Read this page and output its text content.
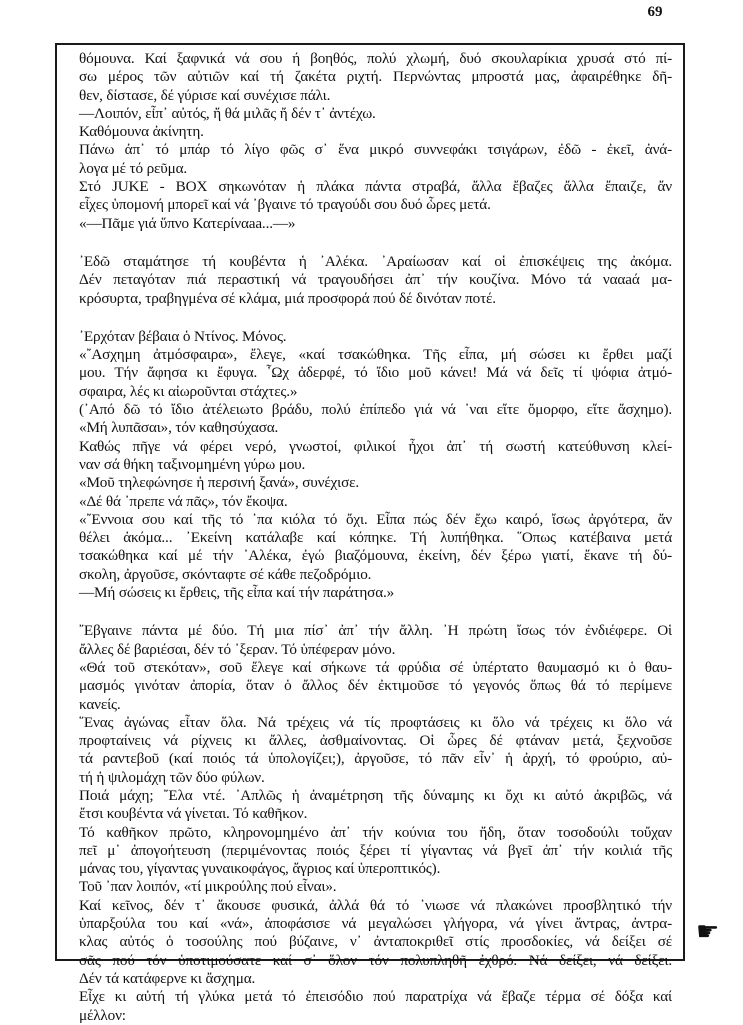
69
θόμουνα. Καί ξαφνικά νά σου ή βοηθός, πολύ χλωμή, δυό σκουλαρίκια χρυσά στό πί-
σω μέρος τῶν αὐτιῶν καί τή ζακέτα ριχτή. Περνώντας μπροστά μας, ἀφαιρέθηκε δῆ-
θεν, δίστασε, δέ γύρισε καί συνέχισε πάλι.
—Λοιπόν, εἶπ᾽ αὐτός, ἤ θά μιλᾶς ἤ δέν τ᾽ ἀντέχω.
Καθόμουνα ἀκίνητη.
Πάνω ἀπ᾽ τό μπάρ τό λίγο φῶς σ᾽ ἕνα μικρό συννεφάκι τσιγάρων, ἐδῶ - ἐκεῖ, ἀνά-
λογα μέ τό ρεῦμα.
Στό JUKE - BOX σηκωνόταν ἡ πλάκα πάντα στραβά, ἄλλα ἔβαζες ἄλλα ἔπαιζε, ἄν
εἶχες ὑπομονή μπορεῖ καί νά ᾽βγαινε τό τραγούδι σου δυό ὧρες μετά.
«—Πᾶμε γιά ὕπνο Κατερίναaa...—»
᾽Εδῶ σταμάτησε τή κουβέντα ἡ ᾽Αλέκα. ᾽Αραίωσαν καί οἱ ἐπισκέψεις της ἀκόμα.
Δέν πεταγόταν πιά περαστική νά τραγουδήσει ἀπ᾽ τήν κουζίνα. Μόνο τά νααaά μα-
κρόσυρτα, τραβηγμένα σέ κλάμα, μιά προσφορά πού δέ δινόταν ποτέ.
᾽Ερχόταν βέβαια ὁ Ντίνος. Μόνος.
«῎Ασχημη ἀτμόσφαιρα», ἔλεγε, «καί τσακώθηκα. Τῆς εἶπα, μή σώσει κι ἔρθει μαζί
μου. Τήν ἄφησα κι ἔφυγα. ῏Ωχ ἀδερφέ, τό ἴδιο μοῦ κάνει! Μά νά δεῖς τί ψόφια ἀτμό-
σφαιρα, λές κι αἰωροῦνται στάχτες.»
(᾽Από δῶ τό ἴδιο ἀτέλειωτο βράδυ, πολύ ἐπίπεδο γιά νά ᾽ναι εἴτε ὄμορφο, εἴτε ἄσχημο).
«Μή λυπᾶσαι», τόν καθησύχασα.
Καθώς πῆγε νά φέρει νερό, γνωστοί, φιλικοί ἦχοι ἀπ᾽ τή σωστή κατεύθυνση κλεί-
ναν σά θήκη ταξινομημένη γύρω μου.
«Μοῦ τηλεφώνησε ἡ περσινή ξανά», συνέχισε.
«Δέ θά ᾽πρεπε νά πᾶς», τόν ἔκοψα.
«῎Εννοια σου καί τῆς τό ᾽πα κιόλα τό ὄχι. Εἶπα πώς δέν ἔχω καιρό, ἴσως ἀργότερα, ἄν
θέλει ἀκόμα... ᾽Εκείνη κατάλαβε καί κόπηκε. Τή λυπήθηκα. ῞Οπως κατέβαινα μετά
τσακώθηκα καί μέ τήν ᾽Αλέκα, ἐγώ βιαζόμουνα, ἐκείνη, δέν ξέρω γιατί, ἔκανε τή δύ-
σκολη, ἀργοῦσε, σκόνταφτε σέ κάθε πεζοδρόμιο.
—Μή σώσεις κι ἔρθεις, τῆς εἶπα καί τήν παράτησα.»
῎Εβγαινε πάντα μέ δύο. Τή μια πίσ᾽ ἀπ᾽ τήν ἄλλη. ᾽Η πρώτη ἴσως τόν ἐνδιέφερε. Οἱ
ἄλλες δέ βαριέσαι, δέν τό ᾽ξεραν. Τό ὑπέφεραν μόνο.
«Θά τοῦ στεκόταν», σοῦ ἔλεγε καί σήκωνε τά φρύδια σέ ὑπέρτατο θαυμασμό κι ὁ θαυ-
μασμός γινόταν ἀπορία, ὅταν ὁ ἄλλος δέν ἐκτιμοῦσε τό γεγονός ὅπως θά τό περίμενε
κανείς.
῞Ενας ἀγώνας εἶταν ὅλα. Νά τρέχεις νά τίς προφτάσεις κι ὅλο νά τρέχεις κι ὅλο νά
προφταίνεις νά ρίχνεις κι ἄλλες, ἀσθμαίνοντας. Οἱ ὧρες δέ φτάναν μετά, ξεχνοῦσε
τά ραντεβοῦ (καί ποιός τά ὑπολογίζει;), ἀργοῦσε, τό πᾶν εἶν᾽ ἡ ἀρχή, τό φρούριο, αὐ-
τή ἡ ψιλομάχη τῶν δύο φύλων.
Ποιά μάχη; ῎Ελα ντέ. ᾽Απλῶς ἡ ἀναμέτρηση τῆς δύναμης κι ὄχι κι αὐτό ἀκριβῶς, νά
ἔτσι κουβέντα νά γίνεται. Τό καθῆκον.
Τό καθῆκον πρῶτο, κληρονομημένο ἀπ᾽ τήν κούνια του ἤδη, ὅταν τοσοδούλι τοὔχαν
πεῖ μ᾽ ἀπογοήτευση (περιμένοντας ποιός ξέρει τί γίγαντας νά βγεῖ ἀπ᾽ τήν κοιλιά τῆς
μάνας του, γίγαντας γυναικοφάγος, ἄγριος καί ὑπεροπτικός).
Τοῦ ᾽παν λοιπόν, «τί μικρούλης πού εἶναι».
Καί κεῖνος, δέν τ᾽ ἄκουσε φυσικά, ἀλλά θά τό ᾽νιωσε νά πλακώνει προσβλητικό τήν
ὑπαρξούλα του καί «νά», ἀποφάσισε νά μεγαλώσει γλήγορα, νά γίνει ἄντρας, ἀντρα-
κλας αὐτός ὁ τοσούλης πού βύζαινε, ν᾽ ἀνταποκριθεῖ στίς προσδοκίες, νά δείξει σέ
σᾶς πού τόν ὑποτιμούσατε καί σ᾽ ὅλον τόν πολυπληθῆ ἐχθρό. Νά δείξει, νά δείξει.
Δέν τά κατάφερνε κι ἄσχημα.
Εἶχε κι αὐτή τή γλύκα μετά τό ἐπεισόδιο πού παρατρίχα νά ἔβαζε τέρμα σέ δόξα καί
μέλλον:
☛
